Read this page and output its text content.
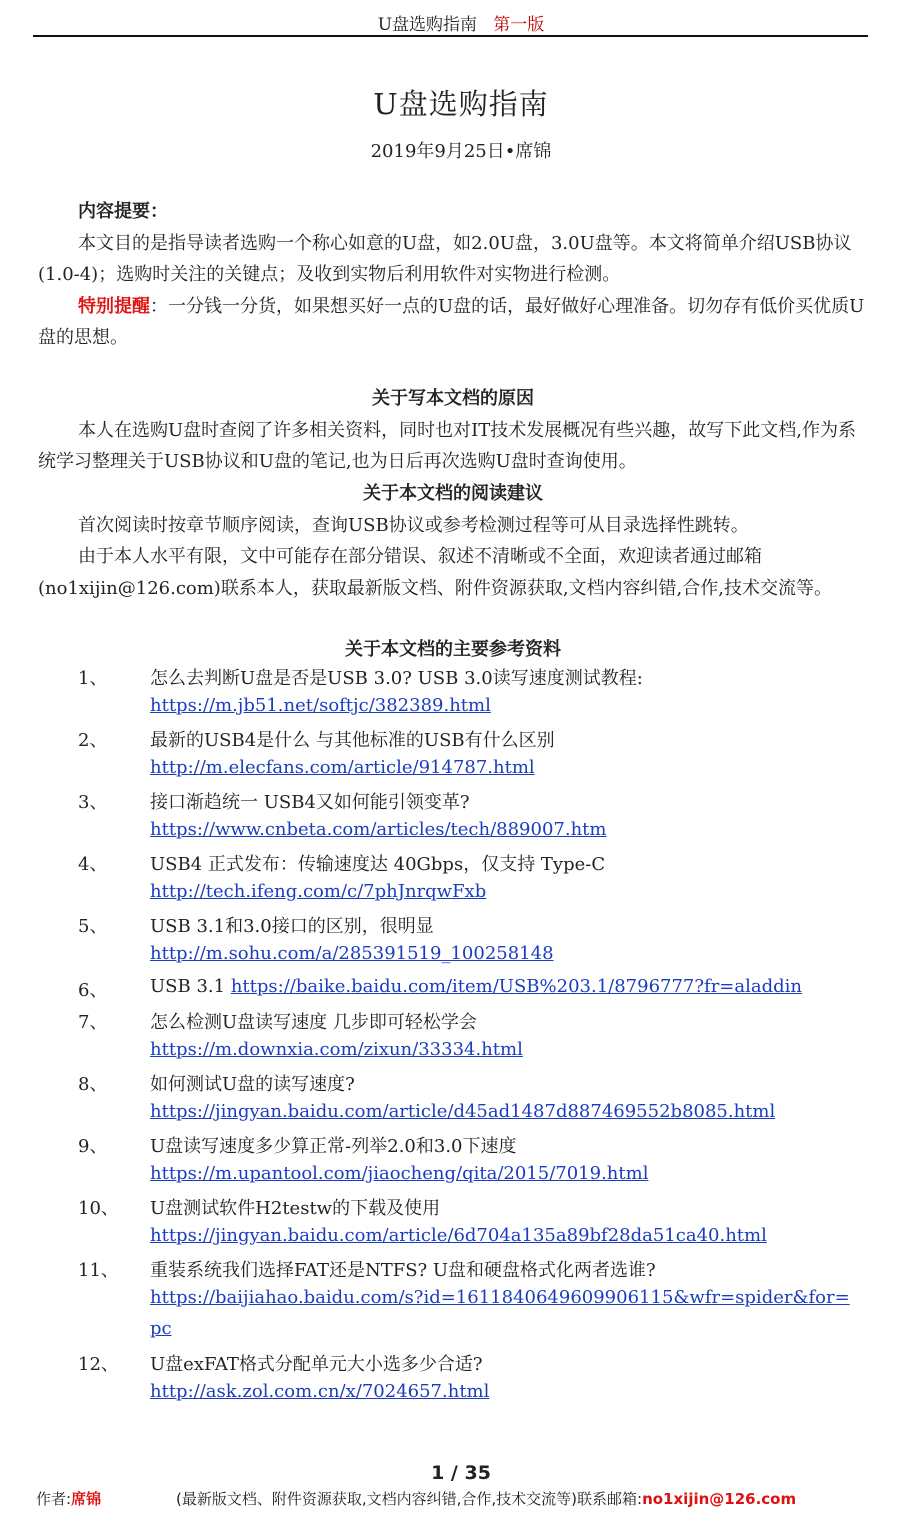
U盘选购指南 第一版
U盘选购指南
2019年9月25日•席锦

内容提要：

本文目的是指导读者选购一个称心如意的U盘，如2.0U盘，3.0U盘等。本文将简单介绍USB协议(1.0-4)；选购时关注的关键点；及收到实物后利用软件对实物进行检测。

特别提醒：一分钱一分货，如果想买好一点的U盘的话，最好做好心理准备。切勿存有低价买优质U盘的思想。

关于写本文档的原因

本人在选购U盘时查阅了许多相关资料，同时也对IT技术发展概况有些兴趣，故写下此文档,作为系统学习整理关于USB协议和U盘的笔记,也为日后再次选购U盘时查询使用。

关于本文档的阅读建议

首次阅读时按章节顺序阅读，查询USB协议或参考检测过程等可从目录选择性跳转。

由于本人水平有限，文中可能存在部分错误、叙述不清晰或不全面，欢迎读者通过邮箱(no1xijin@126.com)联系本人，获取最新版文档、附件资源获取,文档内容纠错,合作,技术交流等。

关于本文档的主要参考资料

1、 怎么去判断U盘是否是USB 3.0? USB 3.0读写速度测试教程:
https://m.jb51.net/softjc/382389.html
2、 最新的USB4是什么 与其他标准的USB有什么区别
http://m.elecfans.com/article/914787.html
3、 接口渐趋统一 USB4又如何能引领变革?
https://www.cnbeta.com/articles/tech/889007.htm
4、 USB4 正式发布：传输速度达 40Gbps，仅支持 Type-C
http://tech.ifeng.com/c/7phJnrqwFxb
5、 USB 3.1和3.0接口的区别，很明显
http://m.sohu.com/a/285391519_100258148
6、 USB 3.1 https://baike.baidu.com/item/USB%203.1/8796777?fr=aladdin
7、 怎么检测U盘读写速度 几步即可轻松学会
https://m.downxia.com/zixun/33334.html
8、 如何测试U盘的读写速度?
https://jingyan.baidu.com/article/d45ad1487d887469552b8085.html
9、 U盘读写速度多少算正常-列举2.0和3.0下速度
https://m.upantool.com/jiaocheng/qita/2015/7019.html
10、 U盘测试软件H2testw的下载及使用
https://jingyan.baidu.com/article/6d704a135a89bf28da51ca40.html
11、 重装系统我们选择FAT还是NTFS? U盘和硬盘格式化两者选谁?
https://baijiahao.baidu.com/s?id=1611840649609906115&wfr=spider&for=
pc
12、 U盘exFAT格式分配单元大小选多少合适?
http://ask.zol.com.cn/x/7024657.html
1 / 35
作者:席锦	(最新版文档、附件资源获取,文档内容纠错,合作,技术交流等)联系邮箱:no1xijin@126.com
